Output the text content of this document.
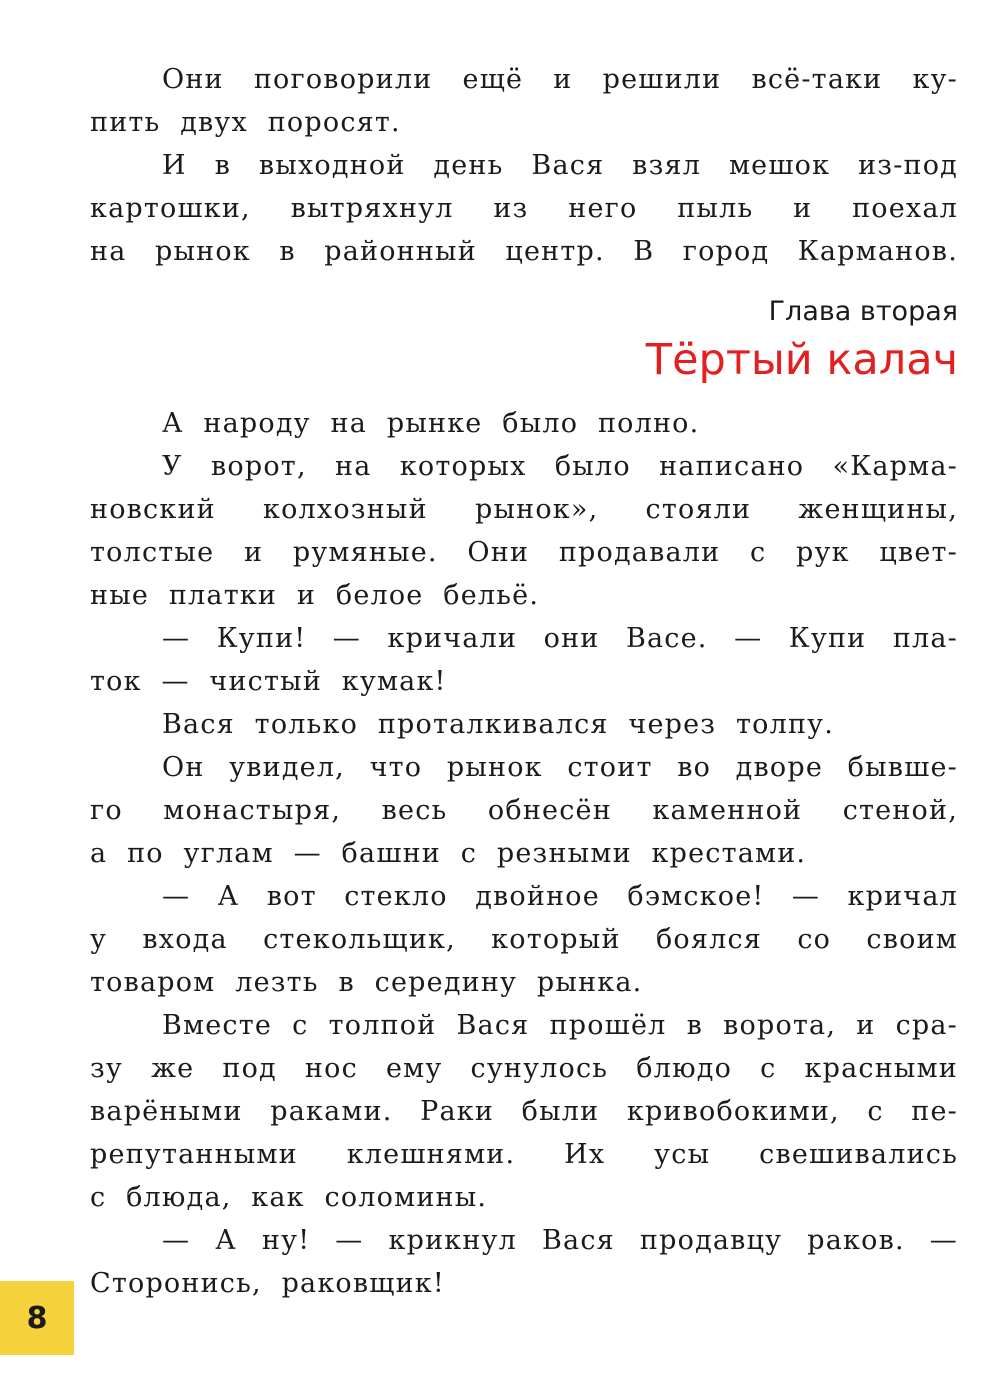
Они поговорили ещё и решили всё-таки ку-
пить двух поросят.
И в выходной день Вася взял мешок из-под
картошки, вытряхнул из него пыль и поехал
на рынок в районный центр. В город Карманов.
Глава вторая
Тёртый калач
А народу на рынке было полно.
У ворот, на которых было написано «Карма-
новский колхозный рынок», стояли женщины,
толстые и румяные. Они продавали с рук цвет-
ные платки и белое бельё.
— Купи! — кричали они Васе. — Купи пла-
ток — чистый кумак!
Вася только проталкивался через толпу.
Он увидел, что рынок стоит во дворе бывше-
го монастыря, весь обнесён каменной стеной,
а по углам — башни с резными крестами.
— А вот стекло двойное бэмское! — кричал
у входа стекольщик, который боялся со своим
товаром лезть в середину рынка.
Вместе с толпой Вася прошёл в ворота, и сра-
зу же под нос ему сунулось блюдо с красными
варёными раками. Раки были кривобокими, с пе-
репутанными клешнями. Их усы свешивались
с блюда, как соломины.
— А ну! — крикнул Вася продавцу раков. —
Сторонись, раковщик!
8
